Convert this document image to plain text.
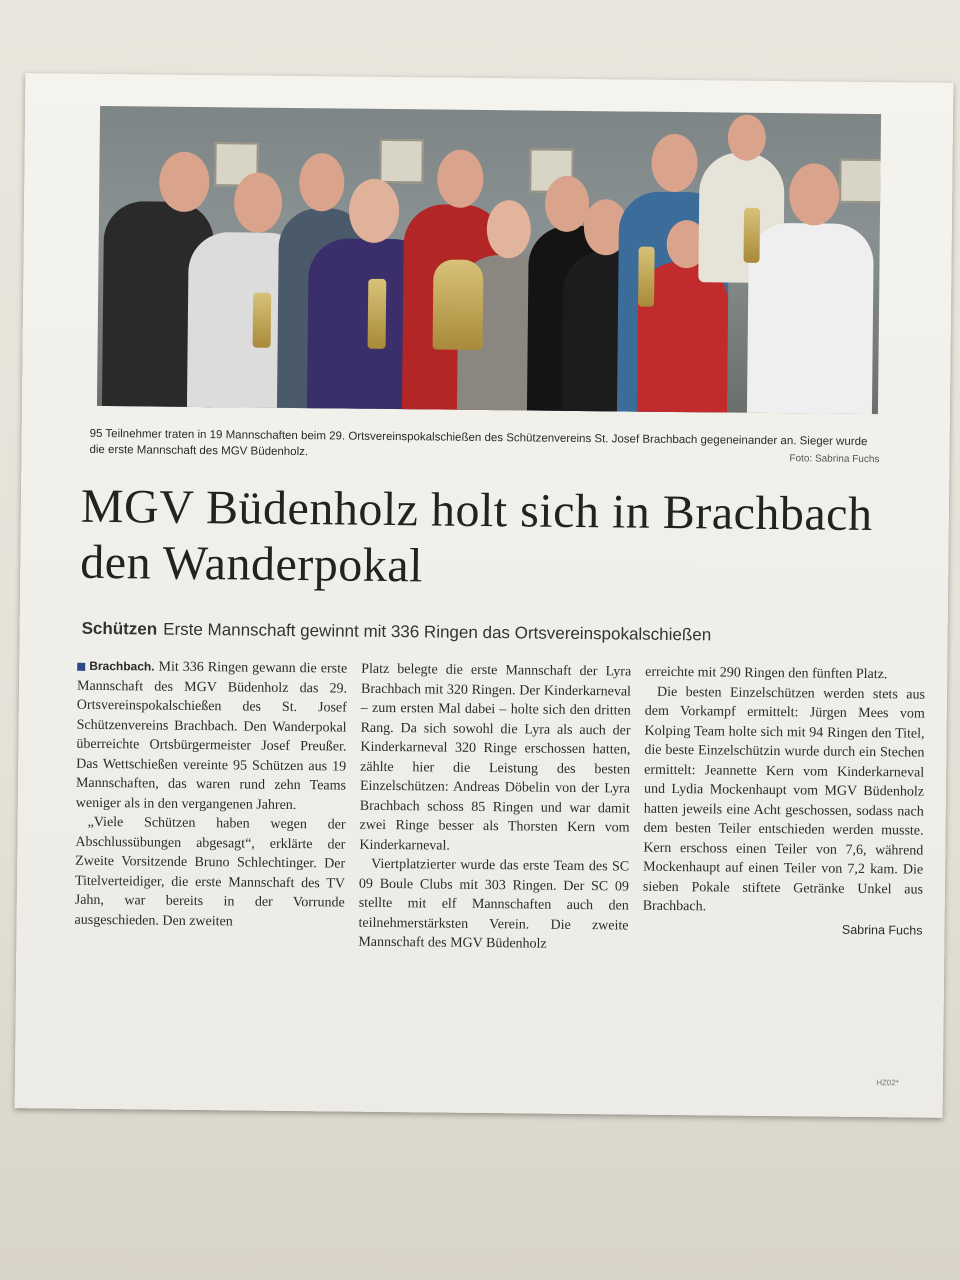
95 Teilnehmer traten in 19 Mannschaften beim 29. Ortsvereinspokalschießen des Schützenvereins St. Josef Brachbach gegeneinander an. Sieger wurde die erste Mannschaft des MGV Büdenholz.
Foto: Sabrina Fuchs
MGV Büdenholz holt sich in Brachbach den Wanderpokal
Schützen Erste Mannschaft gewinnt mit 336 Ringen das Ortsvereinspokalschießen

Brachbach. Mit 336 Ringen gewann die erste Mannschaft des MGV Büdenholz das 29. Ortsvereinspokalschießen des St. Josef Schützenvereins Brachbach. Den Wanderpokal überreichte Ortsbürgermeister Josef Preußer. Das Wettschießen vereinte 95 Schützen aus 19 Mannschaften, das waren rund zehn Teams weniger als in den vergangenen Jahren.

„Viele Schützen haben wegen der Abschlussübungen abgesagt“, erklärte der Zweite Vorsitzende Bruno Schlechtinger. Der Titelverteidiger, die erste Mannschaft des TV Jahn, war bereits in der Vorrunde ausgeschieden. Den zweiten

Platz belegte die erste Mannschaft der Lyra Brachbach mit 320 Ringen. Der Kinderkarneval – zum ersten Mal dabei – holte sich den dritten Rang. Da sich sowohl die Lyra als auch der Kinderkarneval 320 Ringe erschossen hatten, zählte hier die Leistung des besten Einzelschützen: Andreas Döbelin von der Lyra Brachbach schoss 85 Ringen und war damit zwei Ringe besser als Thorsten Kern vom Kinderkarneval.

Viertplatzierter wurde das erste Team des SC 09 Boule Clubs mit 303 Ringen. Der SC 09 stellte mit elf Mannschaften auch den teilnehmerstärksten Verein. Die zweite Mannschaft des MGV Büdenholz

erreichte mit 290 Ringen den fünften Platz.

Die besten Einzelschützen werden stets aus dem Vorkampf ermittelt: Jürgen Mees vom Kolping Team holte sich mit 94 Ringen den Titel, die beste Einzelschützin wurde durch ein Stechen ermittelt: Jeannette Kern vom Kinderkarneval und Lydia Mockenhaupt vom MGV Büdenholz hatten jeweils eine Acht geschossen, sodass nach dem besten Teiler entschieden werden musste. Kern erschoss einen Teiler von 7,6, während Mockenhaupt auf einen Teiler von 7,2 kam. Die sieben Pokale stiftete Getränke Unkel aus Brachbach.

Sabrina Fuchs
HZ02*
